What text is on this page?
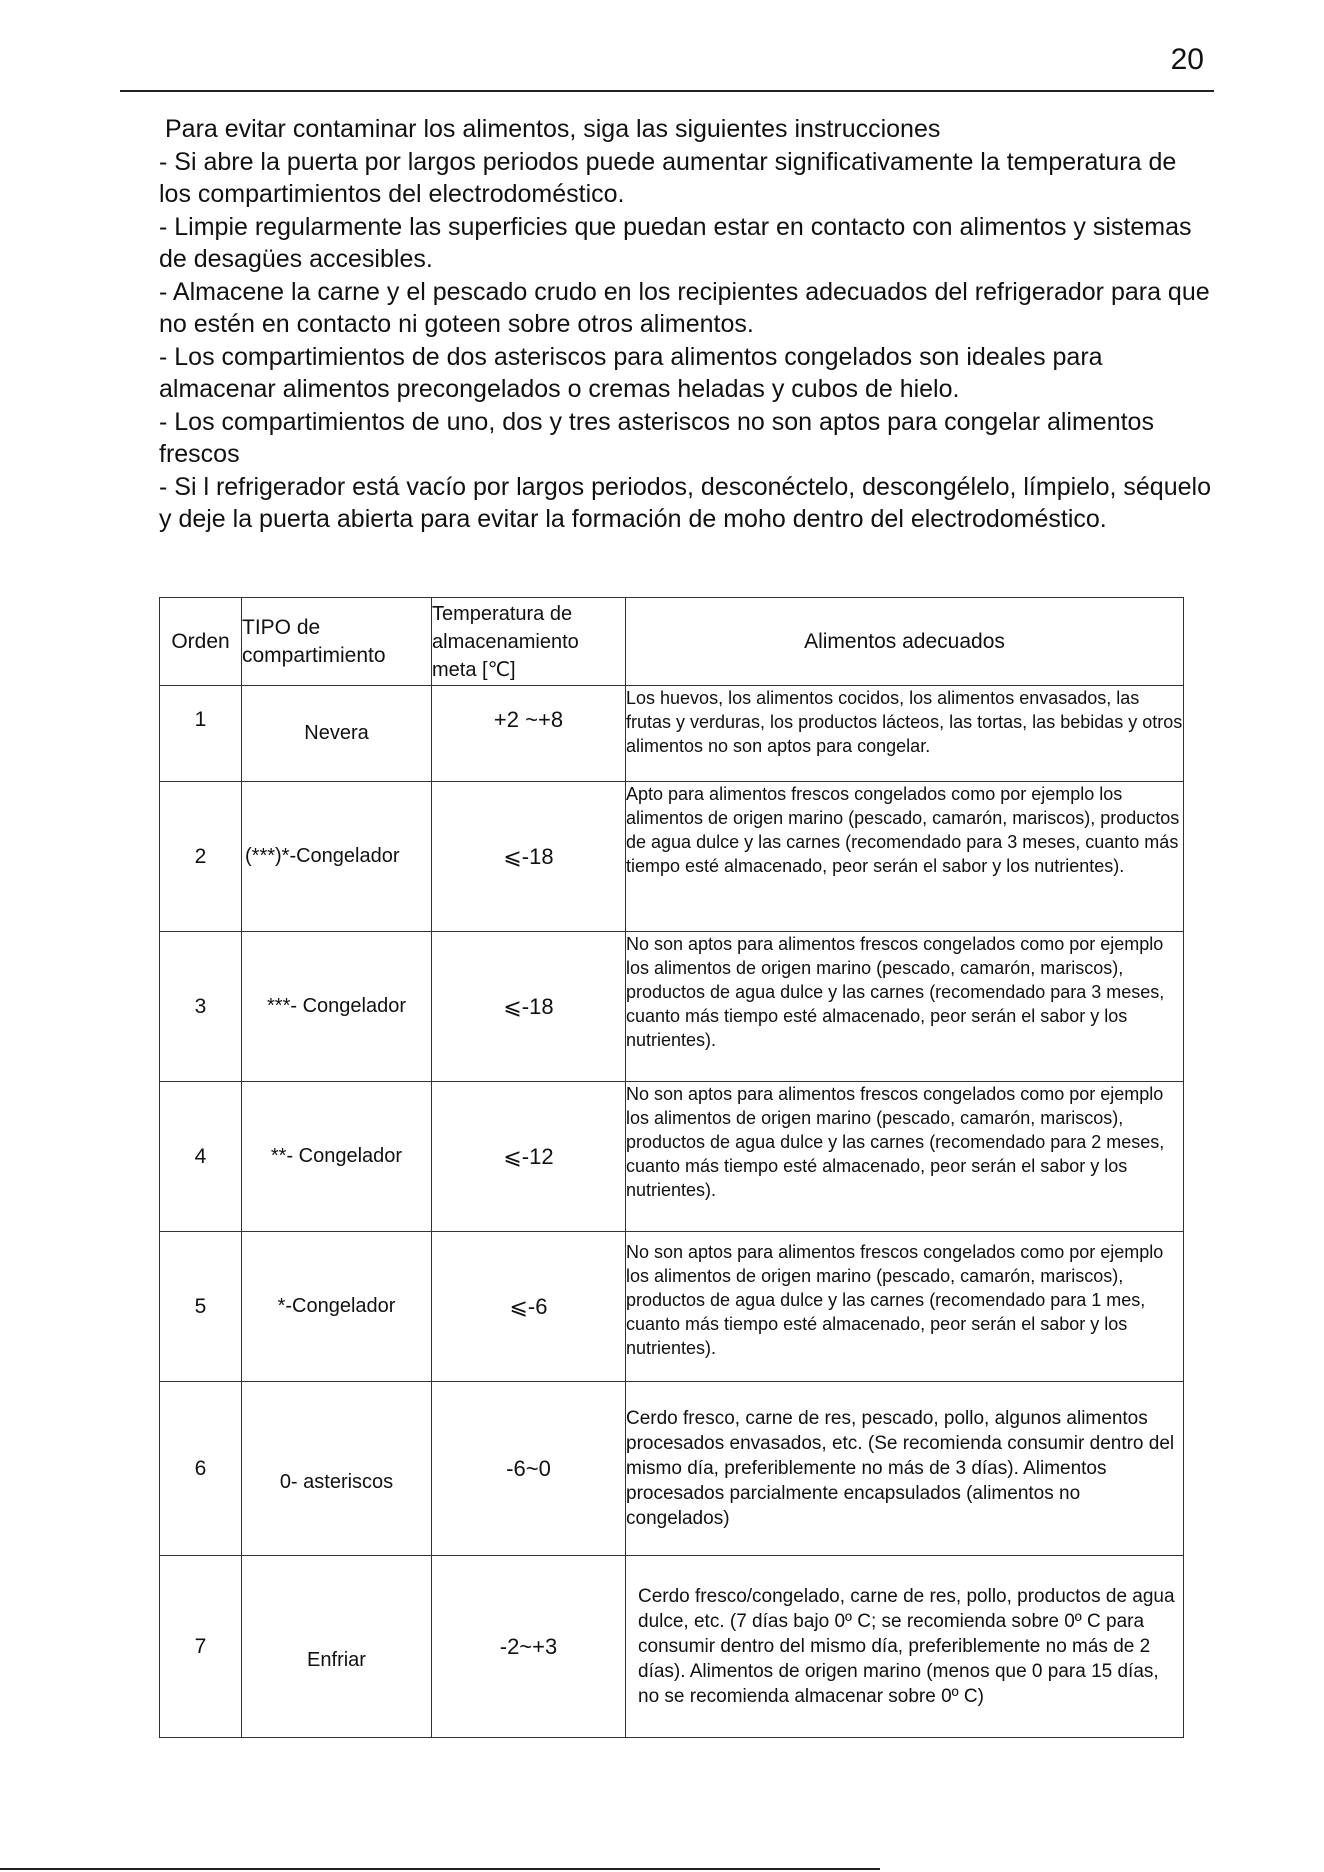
20

Para evitar contaminar los alimentos, siga las siguientes instrucciones

- Si abre la puerta por largos periodos puede aumentar significativamente la temperatura de los compartimientos del electrodoméstico.

- Limpie regularmente las superficies que puedan estar en contacto con alimentos y sistemas de desagües accesibles.

- Almacene la carne y el pescado crudo en los recipientes adecuados del refrigerador para que no estén en contacto ni goteen sobre otros alimentos.

- Los compartimientos de dos asteriscos para alimentos congelados son ideales para almacenar alimentos precongelados o cremas heladas y cubos de hielo.

- Los compartimientos de uno, dos y tres asteriscos no son aptos para congelar alimentos frescos

- Si l refrigerador está vacío por largos periodos, desconéctelo, descongélelo, límpielo, séquelo y deje la puerta abierta para evitar la formación de moho dentro del electrodoméstico.

Orden	TIPO de compartimiento	Temperatura de almacenamiento meta [℃]	Alimentos adecuados
1	Nevera	+2 ~+8	Los huevos, los alimentos cocidos, los alimentos envasados, las frutas y verduras, los productos lácteos, las tortas, las bebidas y otros alimentos no son aptos para congelar.

2	(***)*-Congelador	⩽-18	Apto para alimentos frescos congelados como por ejemplo los alimentos de origen marino (pescado, camarón, mariscos), productos de agua dulce y las carnes (recomendado para 3 meses, cuanto más tiempo esté almacenado, peor serán el sabor y los nutrientes).

3	***- Congelador	⩽-18	No son aptos para alimentos frescos congelados como por ejemplo los alimentos de origen marino (pescado, camarón, mariscos), productos de agua dulce y las carnes (recomendado para 3 meses, cuanto más tiempo esté almacenado, peor serán el sabor y los nutrientes).

4	**- Congelador	⩽-12	No son aptos para alimentos frescos congelados como por ejemplo los alimentos de origen marino (pescado, camarón, mariscos), productos de agua dulce y las carnes (recomendado para 2 meses, cuanto más tiempo esté almacenado, peor serán el sabor y los nutrientes).

5	*-Congelador	⩽-6	No son aptos para alimentos frescos congelados como por ejemplo los alimentos de origen marino (pescado, camarón, mariscos), productos de agua dulce y las carnes (recomendado para 1 mes, cuanto más tiempo esté almacenado, peor serán el sabor y los nutrientes).

6	0- asteriscos	-6~0	Cerdo fresco, carne de res, pescado, pollo, algunos alimentos procesados envasados, etc. (Se recomienda consumir dentro del mismo día, preferiblemente no más de 3 días). Alimentos procesados parcialmente encapsulados (alimentos no congelados)

7	Enfriar	-2~+3	Cerdo fresco/congelado, carne de res, pollo, productos de agua dulce, etc. (7 días bajo 0º C; se recomienda sobre 0º C para consumir dentro del mismo día, preferiblemente no más de 2 días). Alimentos de origen marino (menos que 0 para 15 días, no se recomienda almacenar sobre 0º C)
